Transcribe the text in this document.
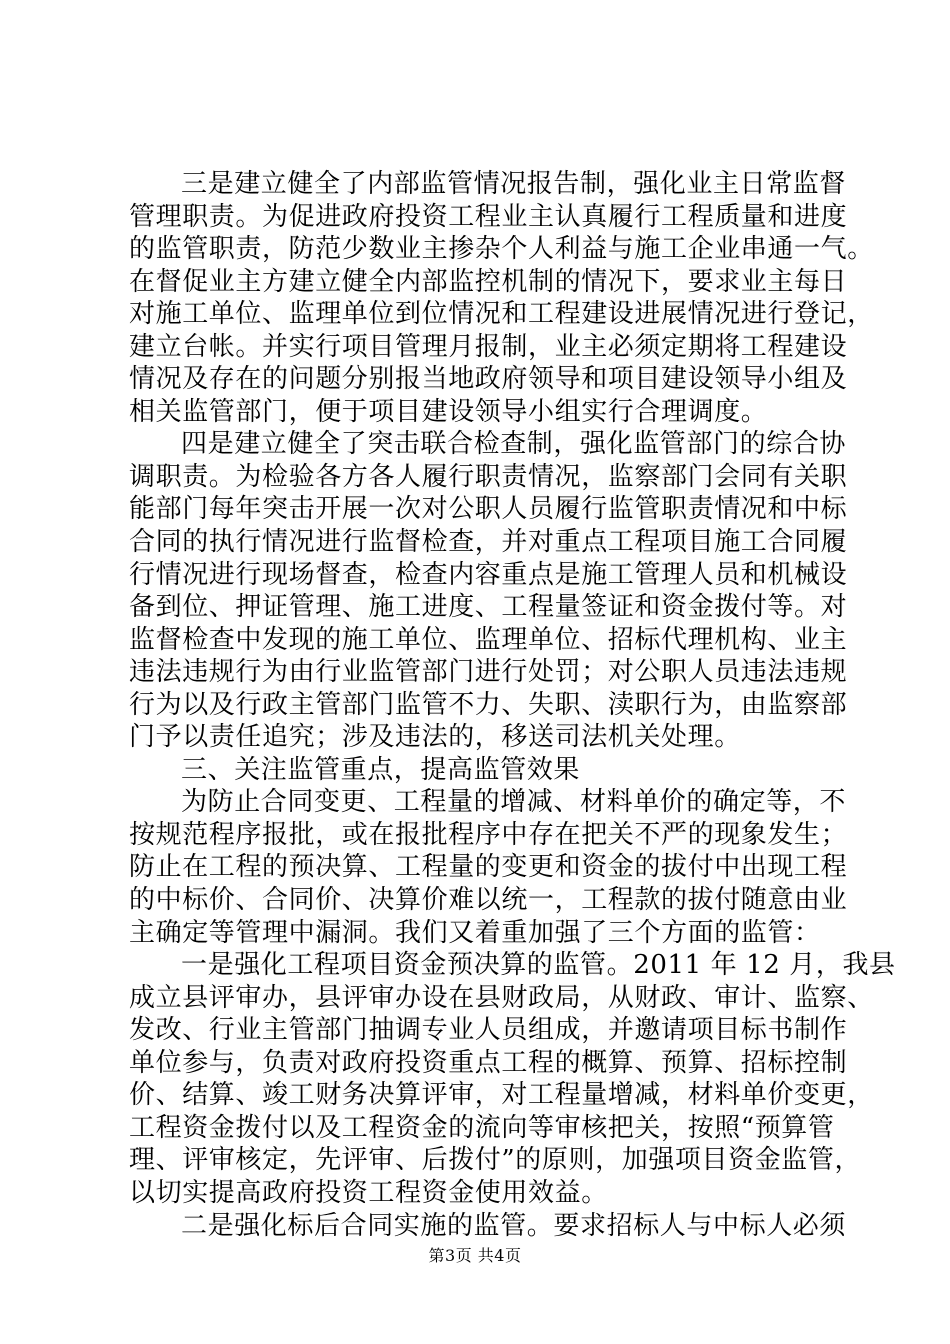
三是建立健全了内部监管情况报告制，强化业主日常监督
管理职责。为促进政府投资工程业主认真履行工程质量和进度
的监管职责，防范少数业主掺杂个人利益与施工企业串通一气。
在督促业主方建立健全内部监控机制的情况下，要求业主每日
对施工单位、监理单位到位情况和工程建设进展情况进行登记，
建立台帐。并实行项目管理月报制，业主必须定期将工程建设
情况及存在的问题分别报当地政府领导和项目建设领导小组及
相关监管部门，便于项目建设领导小组实行合理调度。
四是建立健全了突击联合检查制，强化监管部门的综合协
调职责。为检验各方各人履行职责情况，监察部门会同有关职
能部门每年突击开展一次对公职人员履行监管职责情况和中标
合同的执行情况进行监督检查，并对重点工程项目施工合同履
行情况进行现场督查，检查内容重点是施工管理人员和机械设
备到位、押证管理、施工进度、工程量签证和资金拨付等。对
监督检查中发现的施工单位、监理单位、招标代理机构、业主
违法违规行为由行业监管部门进行处罚；对公职人员违法违规
行为以及行政主管部门监管不力、失职、渎职行为，由监察部
门予以责任追究；涉及违法的，移送司法机关处理。
三、关注监管重点，提高监管效果
为防止合同变更、工程量的增减、材料单价的确定等，不
按规范程序报批，或在报批程序中存在把关不严的现象发生；
防止在工程的预决算、工程量的变更和资金的拔付中出现工程
的中标价、合同价、决算价难以统一，工程款的拔付随意由业
主确定等管理中漏洞。我们又着重加强了三个方面的监管：
一是强化工程项目资金预决算的监管。2011 年 12 月，我县
成立县评审办，县评审办设在县财政局，从财政、审计、监察、
发改、行业主管部门抽调专业人员组成，并邀请项目标书制作
单位参与，负责对政府投资重点工程的概算、预算、招标控制
价、结算、竣工财务决算评审，对工程量增减，材料单价变更，
工程资金拨付以及工程资金的流向等审核把关，按照“预算管
理、评审核定，先评审、后拨付”的原则，加强项目资金监管，
以切实提高政府投资工程资金使用效益。
二是强化标后合同实施的监管。要求招标人与中标人必须
第3页 共4页
